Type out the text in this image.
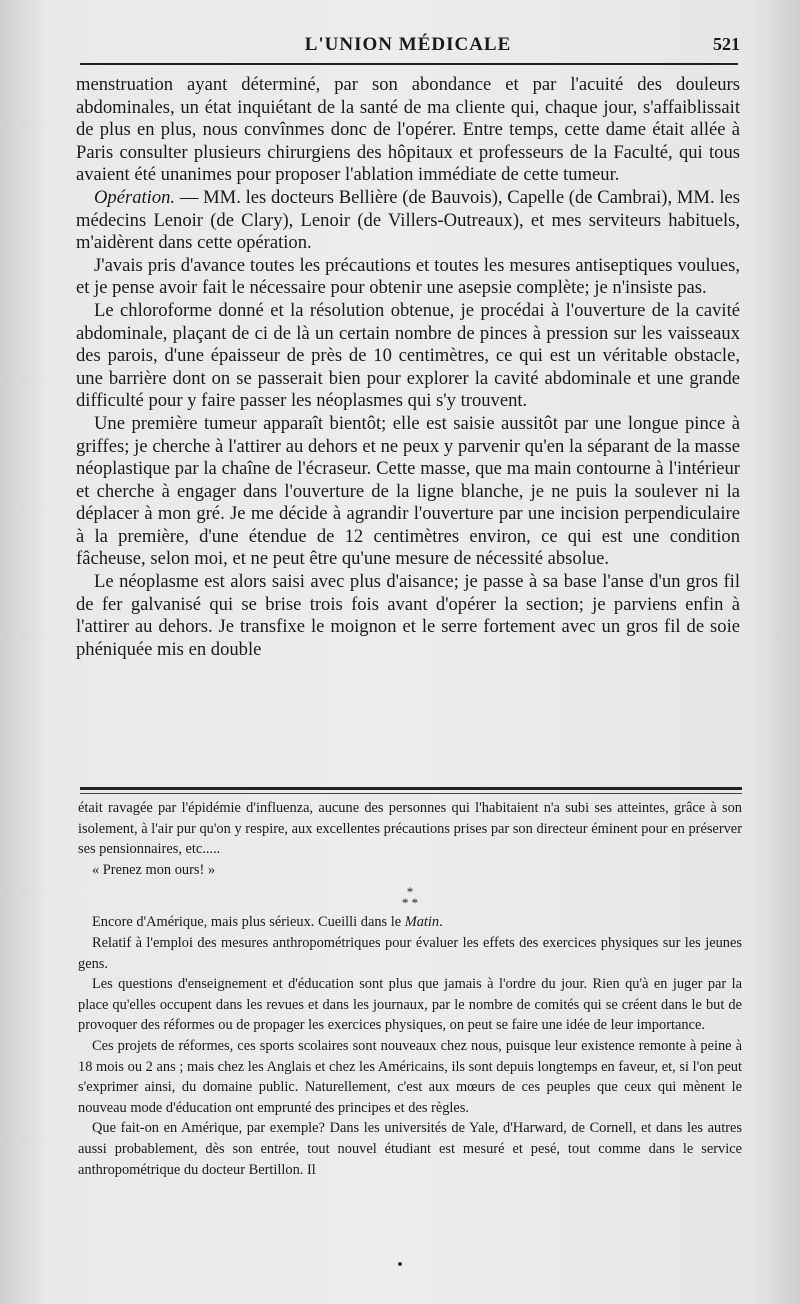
L'UNION MÉDICALE	521

menstruation ayant déterminé, par son abondance et par l'acuité des douleurs abdominales, un état inquiétant de la santé de ma cliente qui, chaque jour, s'affaiblissait de plus en plus, nous convînmes donc de l'opérer. Entre temps, cette dame était allée à Paris consulter plusieurs chirurgiens des hôpitaux et professeurs de la Faculté, qui tous avaient été unanimes pour proposer l'ablation immédiate de cette tumeur.

Opération. — MM. les docteurs Bellière (de Bauvois), Capelle (de Cambrai), MM. les médecins Lenoir (de Clary), Lenoir (de Villers-Outreaux), et mes serviteurs habituels, m'aidèrent dans cette opération.

J'avais pris d'avance toutes les précautions et toutes les mesures antiseptiques voulues, et je pense avoir fait le nécessaire pour obtenir une asepsie complète; je n'insiste pas.

Le chloroforme donné et la résolution obtenue, je procédai à l'ouverture de la cavité abdominale, plaçant de ci de là un certain nombre de pinces à pression sur les vaisseaux des parois, d'une épaisseur de près de 10 centimètres, ce qui est un véritable obstacle, une barrière dont on se passerait bien pour explorer la cavité abdominale et une grande difficulté pour y faire passer les néoplasmes qui s'y trouvent.

Une première tumeur apparaît bientôt; elle est saisie aussitôt par une longue pince à griffes; je cherche à l'attirer au dehors et ne peux y parvenir qu'en la séparant de la masse néoplastique par la chaîne de l'écraseur. Cette masse, que ma main contourne à l'intérieur et cherche à engager dans l'ouverture de la ligne blanche, je ne puis la soulever ni la déplacer à mon gré. Je me décide à agrandir l'ouverture par une incision perpendiculaire à la première, d'une étendue de 12 centimètres environ, ce qui est une condition fâcheuse, selon moi, et ne peut être qu'une mesure de nécessité absolue.

Le néoplasme est alors saisi avec plus d'aisance; je passe à sa base l'anse d'un gros fil de fer galvanisé qui se brise trois fois avant d'opérer la section; je parviens enfin à l'attirer au dehors. Je transfixe le moignon et le serre fortement avec un gros fil de soie phéniquée mis en double

était ravagée par l'épidémie d'influenza, aucune des personnes qui l'habitaient n'a subi ses atteintes, grâce à son isolement, à l'air pur qu'on y respire, aux excellentes précautions prises par son directeur éminent pour en préserver ses pensionnaires, etc.....

« Prenez mon ours! »

*
* *

Encore d'Amérique, mais plus sérieux. Cueilli dans le Matin.

Relatif à l'emploi des mesures anthropométriques pour évaluer les effets des exercices physiques sur les jeunes gens.

Les questions d'enseignement et d'éducation sont plus que jamais à l'ordre du jour. Rien qu'à en juger par la place qu'elles occupent dans les revues et dans les journaux, par le nombre de comités qui se créent dans le but de provoquer des réformes ou de propager les exercices physiques, on peut se faire une idée de leur importance.

Ces projets de réformes, ces sports scolaires sont nouveaux chez nous, puisque leur existence remonte à peine à 18 mois ou 2 ans ; mais chez les Anglais et chez les Américains, ils sont depuis longtemps en faveur, et, si l'on peut s'exprimer ainsi, du domaine public. Naturellement, c'est aux mœurs de ces peuples que ceux qui mènent le nouveau mode d'éducation ont emprunté des principes et des règles.

Que fait-on en Amérique, par exemple? Dans les universités de Yale, d'Harward, de Cornell, et dans les autres aussi probablement, dès son entrée, tout nouvel étudiant est mesuré et pesé, tout comme dans le service anthropométrique du docteur Bertillon. Il
